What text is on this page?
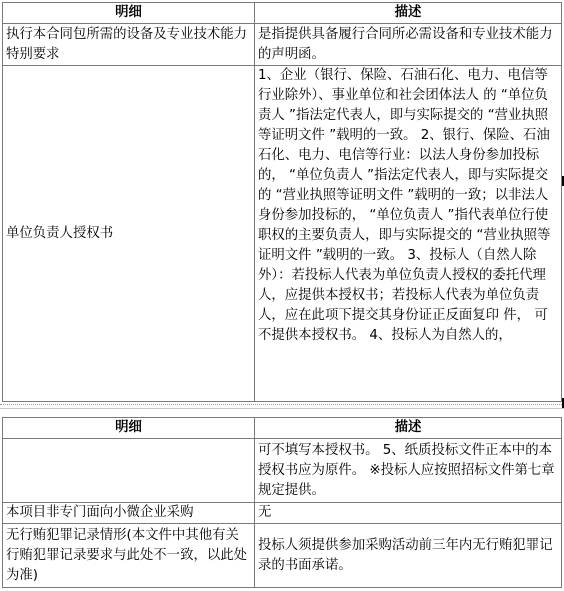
明细	描述
执行本合同包所需的设备及专业技术能力特别要求	是指提供具备履行合同所必需设备和专业技术能力的声明函。
单位负责人授权书	1、企业（银行、保险、石油石化、电力、电信等行业除外）、事业单位和社会团体法人 的 “单位负责人 ”指法定代表人，即与实际提交的 “营业执照等证明文件 ”载明的一致。 2、银行、保险、石油石化、电力、电信等行业：以法人身份参加投标的， “单位负责人 ”指法定代表人，即与实际提交的 “营业执照等证明文件 ”载明的一致；以非法人身份参加投标的， “单位负责人 ”指代表单位行使职权的主要负责人，即与实际提交的 “营业执照等证明文件 ”载明的一致。 3、投标人（自然人除外）：若投标人代表为单位负责人授权的委托代理人，应提供本授权书；若投标人代表为单位负责人，应在此项下提交其身份证正反面复印 件， 可不提供本授权书。 4、投标人为自然人的，
明细	描述
	可不填写本授权书。 5、纸质投标文件正本中的本授权书应为原件。 ※投标人应按照招标文件第七章规定提供。
本项目非专门面向小微企业采购	无
无行贿犯罪记录情形(本文件中其他有关行贿犯罪记录要求与此处不一致，以此处为准)	投标人须提供参加采购活动前三年内无行贿犯罪记录的书面承诺。
